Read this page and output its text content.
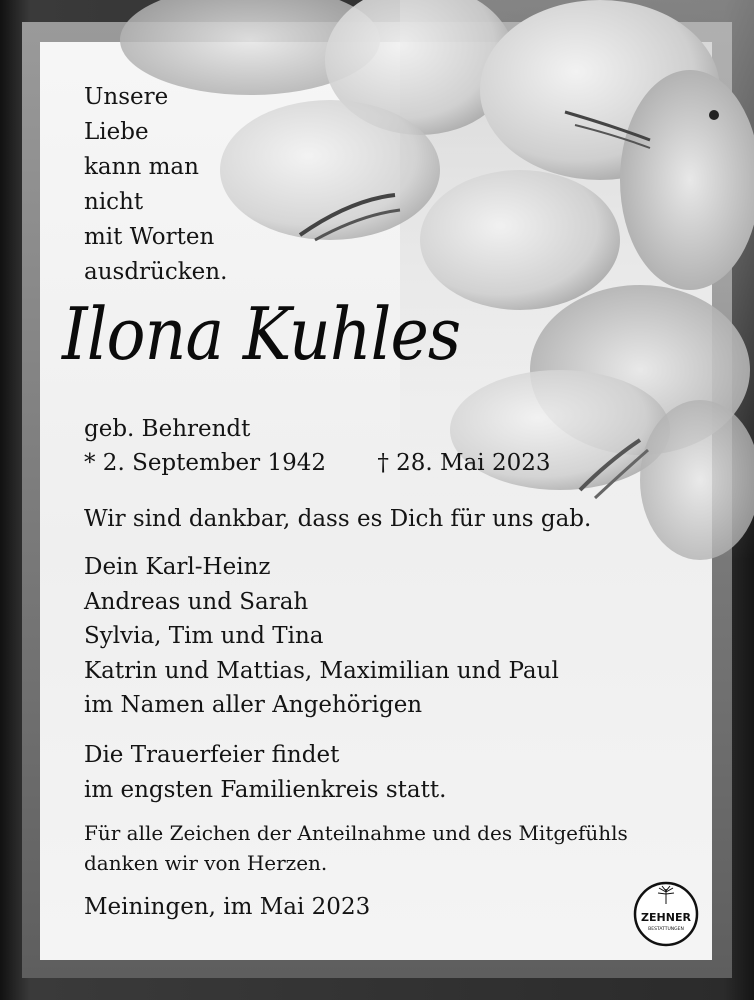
Unsere
Liebe
kann man
nicht
mit Worten
ausdrücken.
Ilona Kuhles
geb. Behrendt
* 2. September 1942 † 28. Mai 2023
Wir sind dankbar, dass es Dich für uns gab.
Dein Karl-Heinz
Andreas und Sarah
Sylvia, Tim und Tina
Katrin und Mattias, Maximilian und Paul
im Namen aller Angehörigen
Die Trauerfeier findet
im engsten Familienkreis statt.
Für alle Zeichen der Anteilnahme und des Mitgefühls
danken wir von Herzen.
Meiningen, im Mai 2023	ZEHNER
BESTATTUNGEN
